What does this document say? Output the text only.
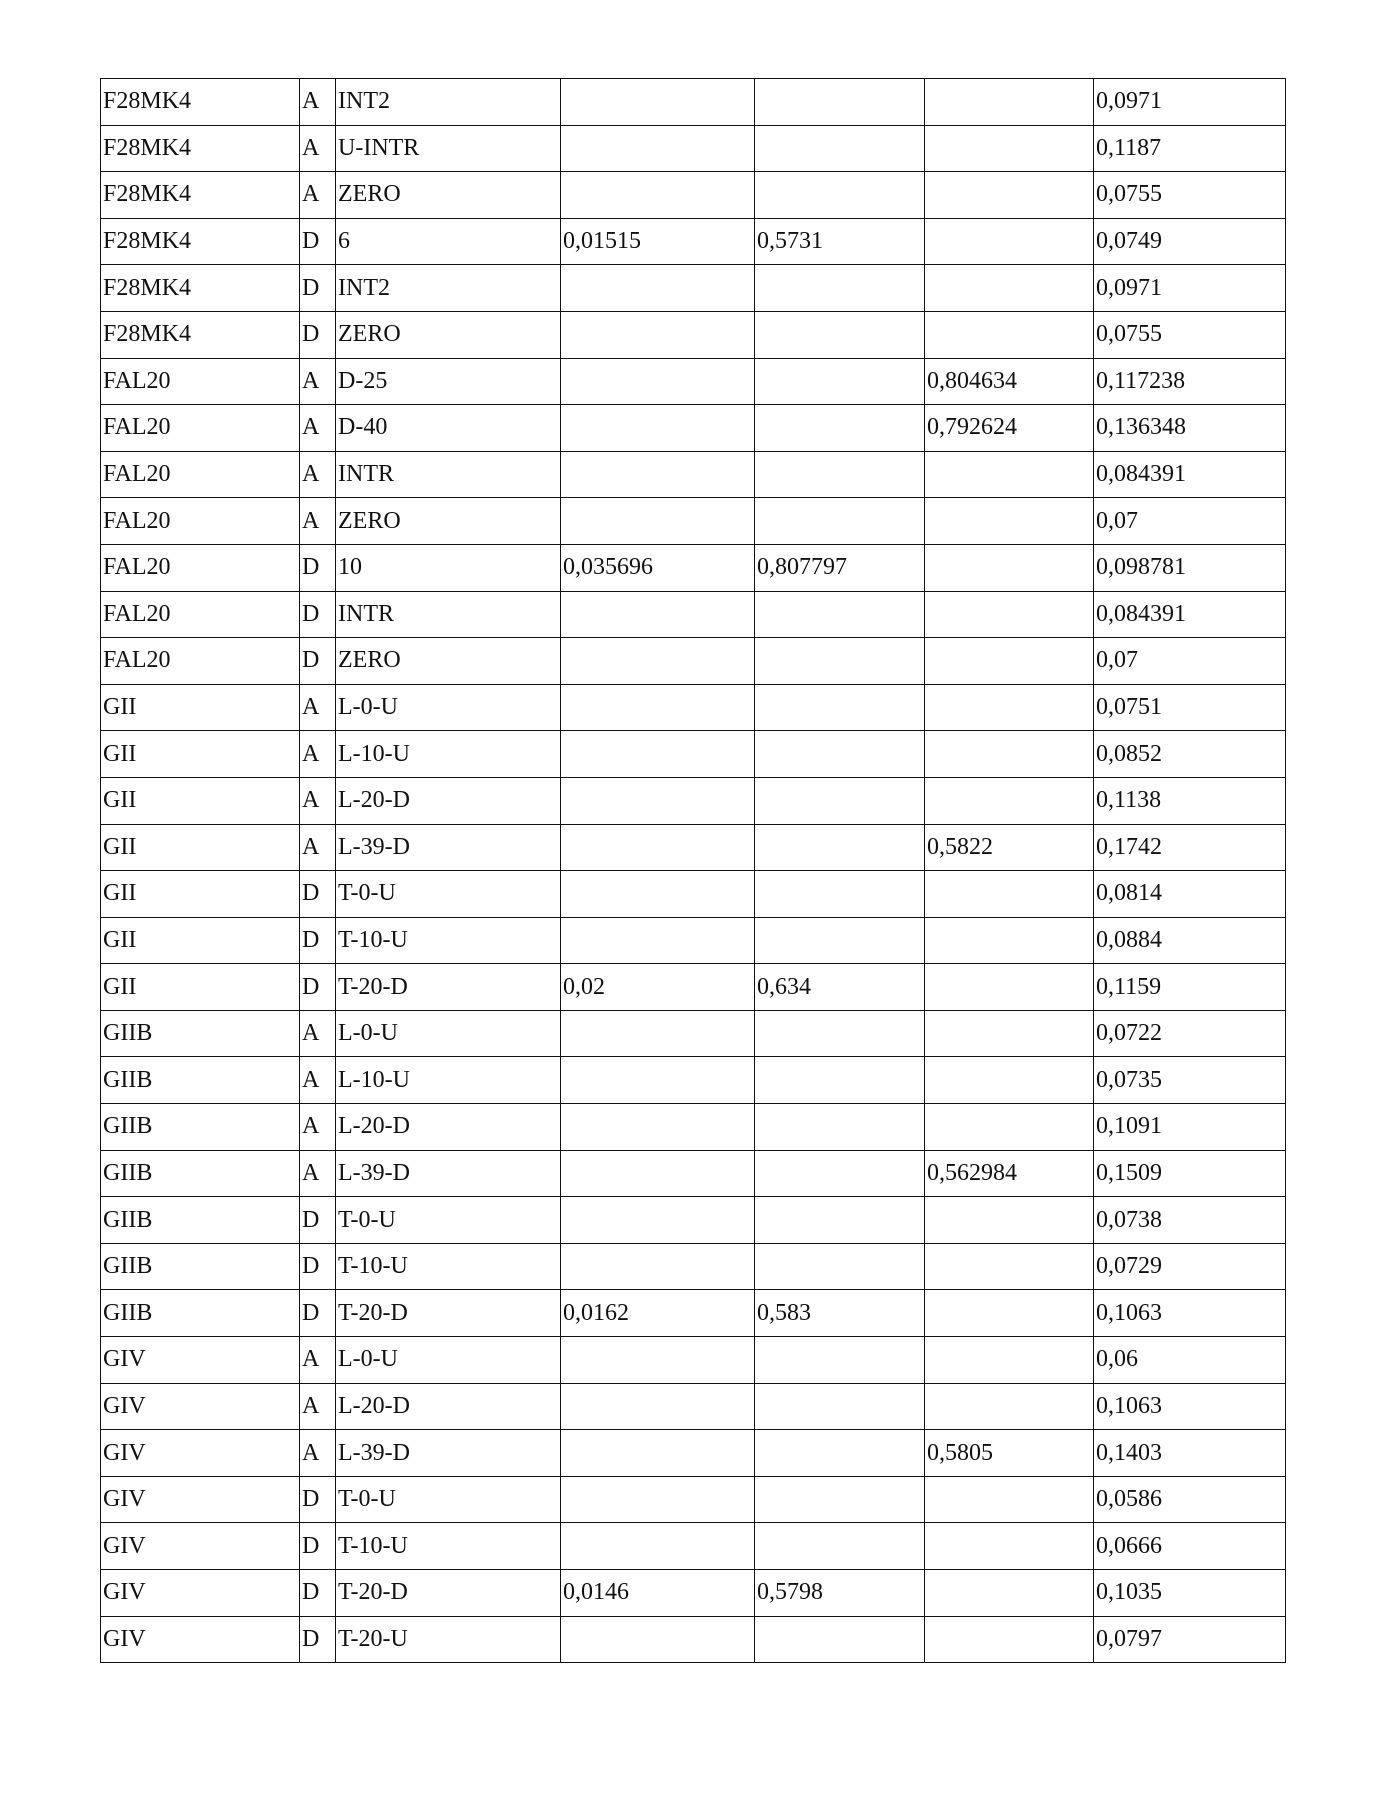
F28MK4	A	INT2				0,0971
F28MK4	A	U-INTR				0,1187
F28MK4	A	ZERO				0,0755
F28MK4	D	6	0,01515	0,5731		0,0749
F28MK4	D	INT2				0,0971
F28MK4	D	ZERO				0,0755
FAL20	A	D-25			0,804634	0,117238
FAL20	A	D-40			0,792624	0,136348
FAL20	A	INTR				0,084391
FAL20	A	ZERO				0,07
FAL20	D	10	0,035696	0,807797		0,098781
FAL20	D	INTR				0,084391
FAL20	D	ZERO				0,07
GII	A	L-0-U				0,0751
GII	A	L-10-U				0,0852
GII	A	L-20-D				0,1138
GII	A	L-39-D			0,5822	0,1742
GII	D	T-0-U				0,0814
GII	D	T-10-U				0,0884
GII	D	T-20-D	0,02	0,634		0,1159
GIIB	A	L-0-U				0,0722
GIIB	A	L-10-U				0,0735
GIIB	A	L-20-D				0,1091
GIIB	A	L-39-D			0,562984	0,1509
GIIB	D	T-0-U				0,0738
GIIB	D	T-10-U				0,0729
GIIB	D	T-20-D	0,0162	0,583		0,1063
GIV	A	L-0-U				0,06
GIV	A	L-20-D				0,1063
GIV	A	L-39-D			0,5805	0,1403
GIV	D	T-0-U				0,0586
GIV	D	T-10-U				0,0666
GIV	D	T-20-D	0,0146	0,5798		0,1035
GIV	D	T-20-U				0,0797
